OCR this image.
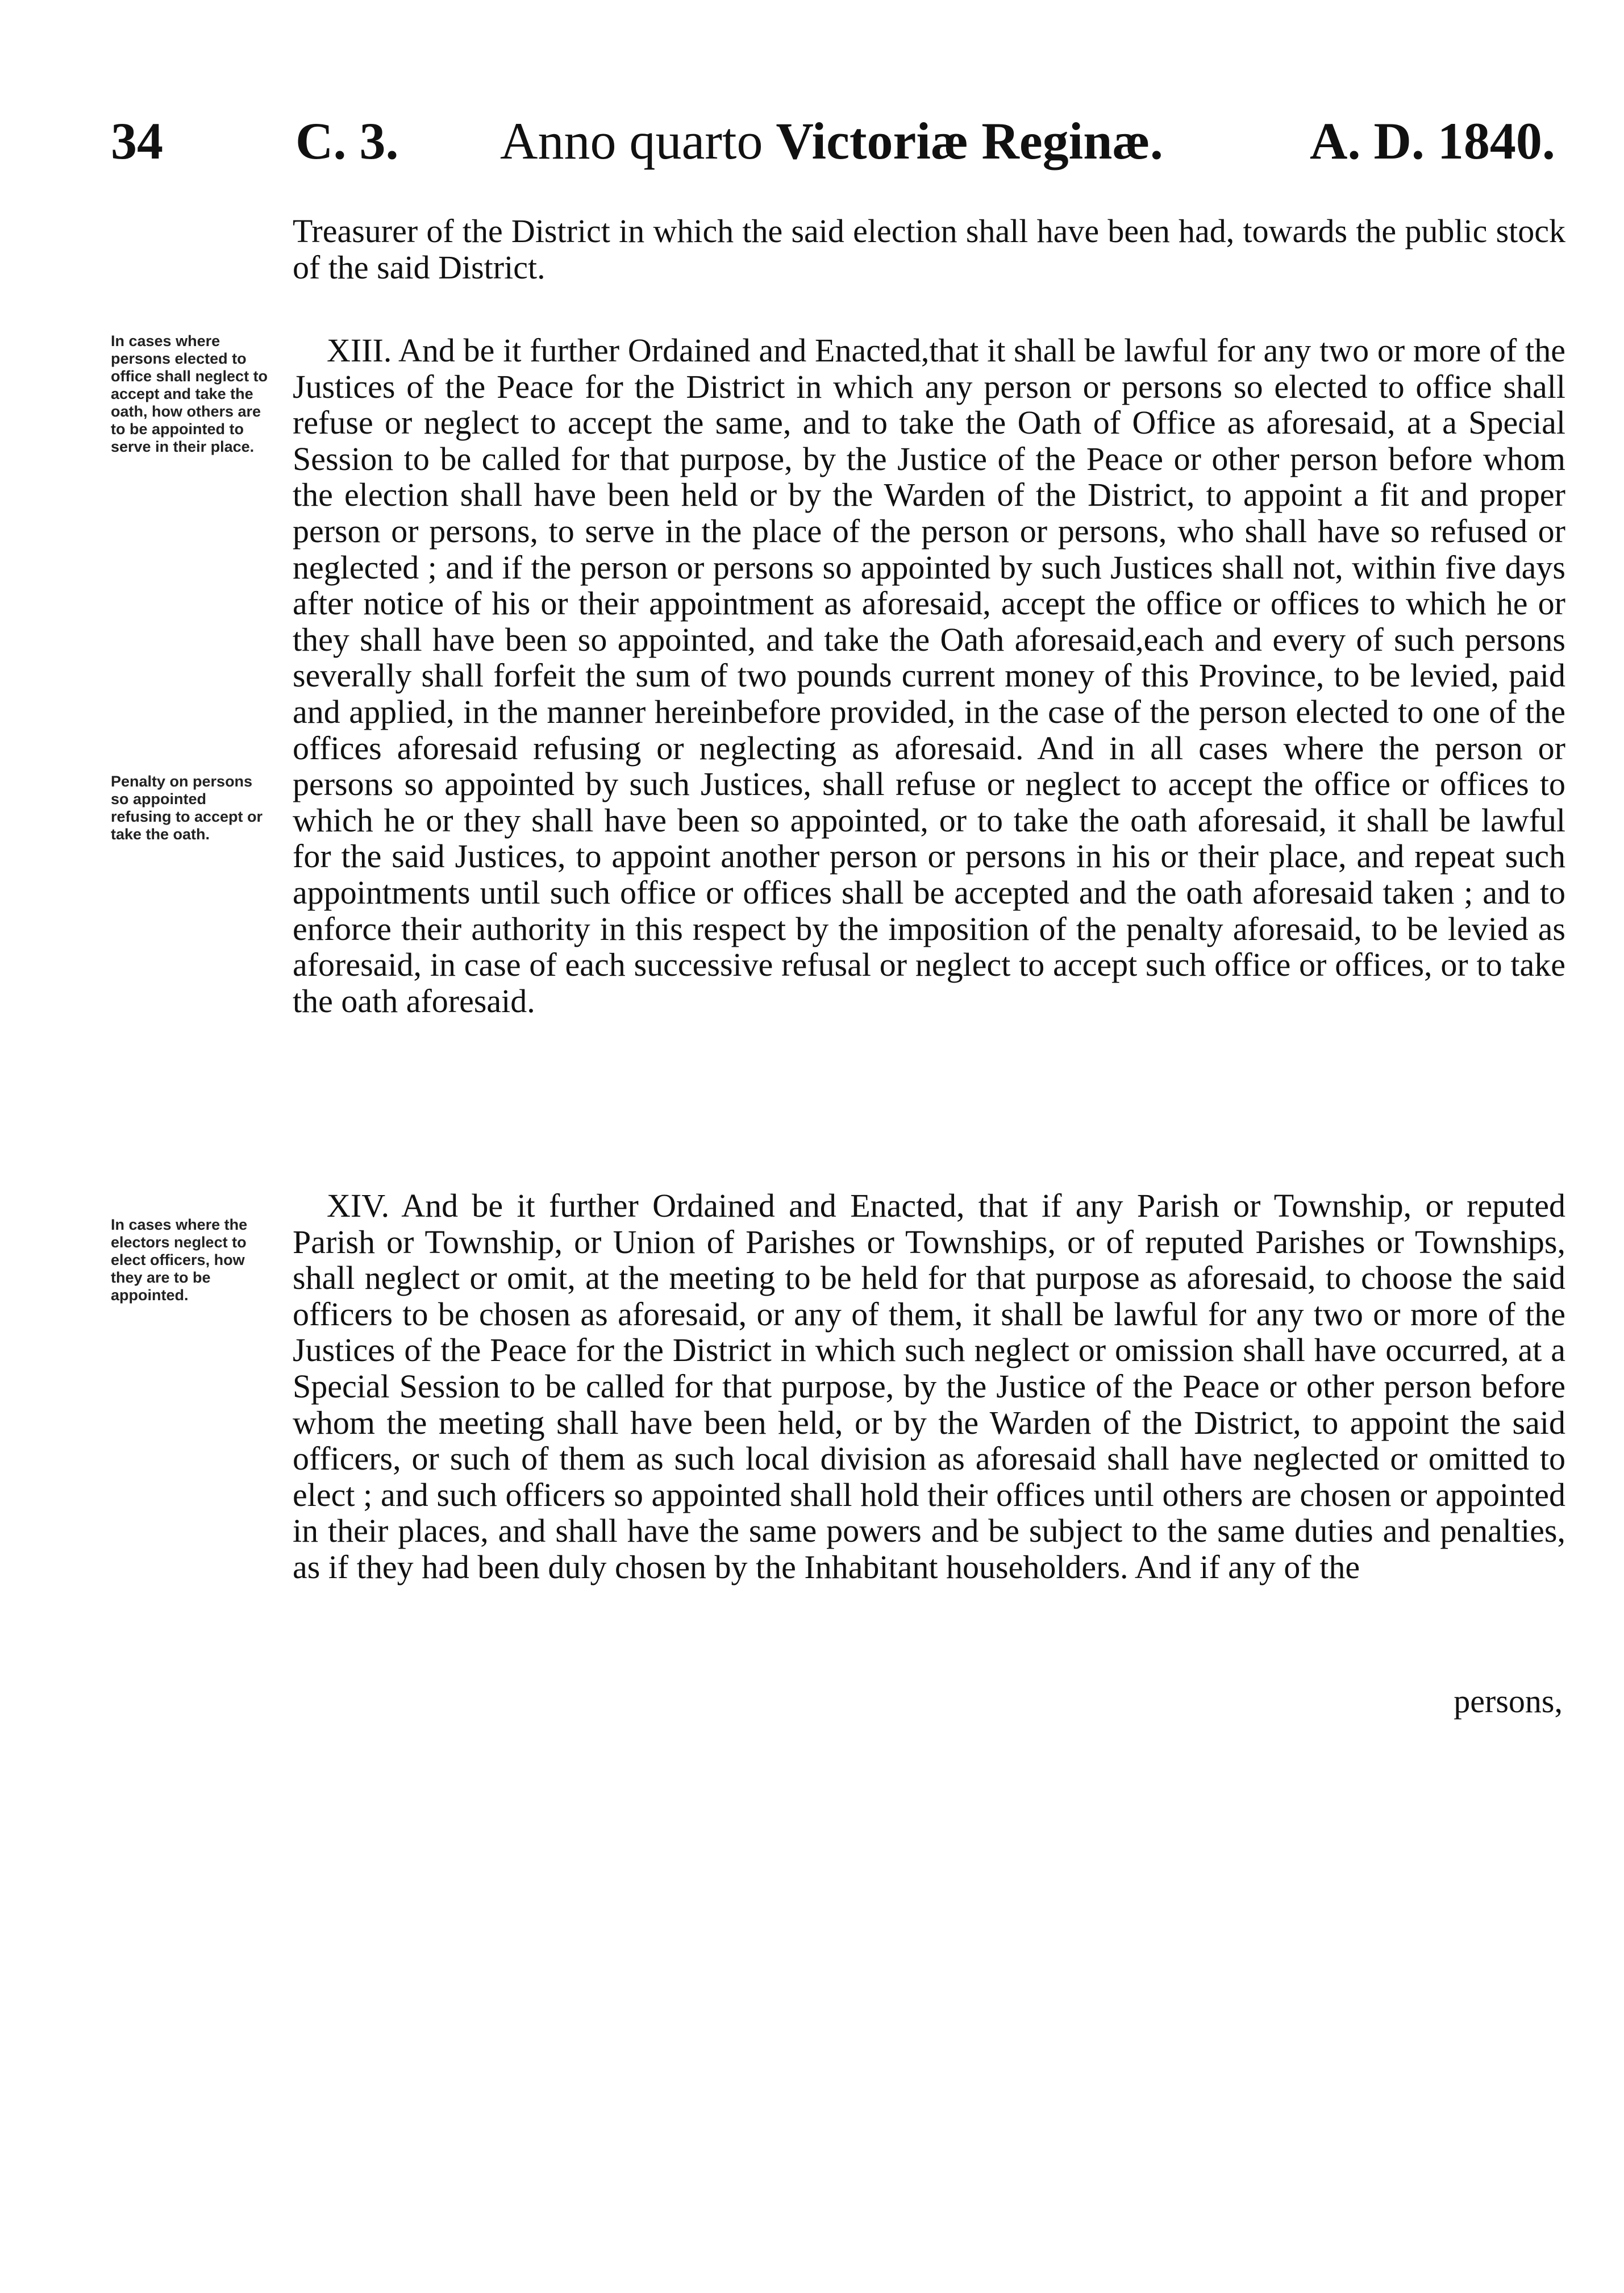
34	C. 3. Anno quarto Victoriæ Reginæ.	A. D. 1840.

Treasurer of the District in which the said election shall have been had, towards the public stock of the said District.

In cases where persons elected to office shall neglect to accept and take the oath, how others are to be appointed to serve in their place.

XIII. And be it further Ordained and Enacted,that it shall be lawful for any two or more of the Justices of the Peace for the District in which any person or persons so elected to office shall refuse or neglect to accept the same, and to take the Oath of Office as aforesaid, at a Special Session to be called for that purpose, by the Justice of the Peace or other person before whom the election shall have been held or by the Warden of the District, to appoint a fit and proper person or persons, to serve in the place of the person or persons, who shall have so refused or neglected ; and if the person or persons so appointed by such Justices shall not, within five days after notice of his or their appointment as aforesaid, accept the office or offices to which he or they shall have been so appointed, and take the Oath aforesaid,each and every of such persons severally shall forfeit the sum of two pounds current money of this Province, to be levied, paid and applied, in the manner hereinbefore provided, in the case of the person elected to one of the offices aforesaid refusing or neglecting as aforesaid. And in all cases where the person or persons so appointed by such Justices, shall refuse or neglect to accept the office or offices to which he or they shall have been so appointed, or to take the oath aforesaid, it shall be lawful for the said Justices, to appoint another person or persons in his or their place, and repeat such appointments until such office or offices shall be accepted and the oath aforesaid taken ; and to enforce their authority in this respect by the imposition of the penalty aforesaid, to be levied as aforesaid, in case of each successive refusal or neglect to accept such office or offices, or to take the oath aforesaid.

Penalty on persons so appointed refusing to accept or take the oath.
In cases where the electors neglect to elect officers, how they are to be appointed.

XIV. And be it further Ordained and Enacted, that if any Parish or Township, or reputed Parish or Township, or Union of Parishes or Townships, or of reputed Parishes or Townships, shall neglect or omit, at the meeting to be held for that purpose as aforesaid, to choose the said officers to be chosen as aforesaid, or any of them, it shall be lawful for any two or more of the Justices of the Peace for the District in which such neglect or omission shall have occurred, at a Special Session to be called for that purpose, by the Justice of the Peace or other person before whom the meeting shall have been held, or by the Warden of the District, to appoint the said officers, or such of them as such local division as aforesaid shall have neglected or omitted to elect ; and such officers so appointed shall hold their offices until others are chosen or appointed in their places, and shall have the same powers and be subject to the same duties and penalties, as if they had been duly chosen by the Inhabitant householders. And if any of the

persons,
